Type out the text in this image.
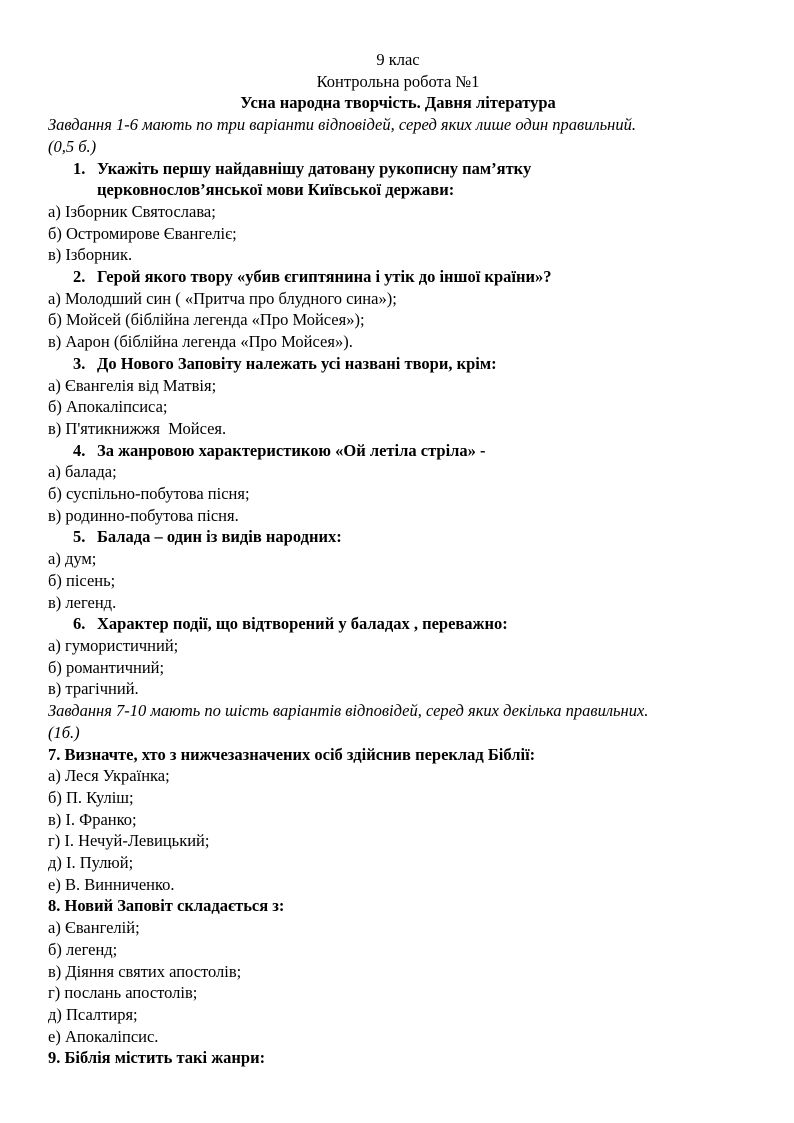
9 клас
Контрольна робота №1
Усна народна творчість. Давня література
Завдання 1-6 мають по три варіанти відповідей, серед яких лише один правильний.
(0,5 б.)
1. Укажіть першу найдавнішу датовану рукописну пам’ятку
церковнослов’янської мови Київської держави:
а) Ізборник Святослава;
б) Остромирове Євангеліє;
в) Ізборник.
2. Герой якого твору «убив єгиптянина і утік до іншої країни»?
а) Молодший син ( «Притча про блудного сина»);
б) Мойсей (біблійна легенда «Про Мойсея»);
в) Аарон (біблійна легенда «Про Мойсея»).
3. До Нового Заповіту належать усі названі твори, крім:
а) Євангелія від Матвія;
б) Апокаліпсиса;
в) П'ятикнижжя  Мойсея.
4. За жанровою характеристикою «Ой летіла стріла» -
а) балада;
б) суспільно-побутова пісня;
в) родинно-побутова пісня.
5. Балада – один із видів народних:
а) дум;
б) пісень;
в) легенд.
6. Характер події, що відтворений у баладах , переважно:
а) гумористичний;
б) романтичний;
в) трагічний.
Завдання 7-10 мають по шість варіантів відповідей, серед яких декілька правильних.
(1б.)
7. Визначте, хто з нижчезазначених осіб здійснив переклад Біблії:
а) Леся Українка;
б) П. Куліш;
в) І. Франко;
г) І. Нечуй-Левицький;
д) І. Пулюй;
е) В. Винниченко.
8. Новий Заповіт складається з:
а) Євангелій;
б) легенд;
в) Діяння святих апостолів;
г) послань апостолів;
д) Псалтиря;
е) Апокаліпсис.
9. Біблія містить такі жанри:
